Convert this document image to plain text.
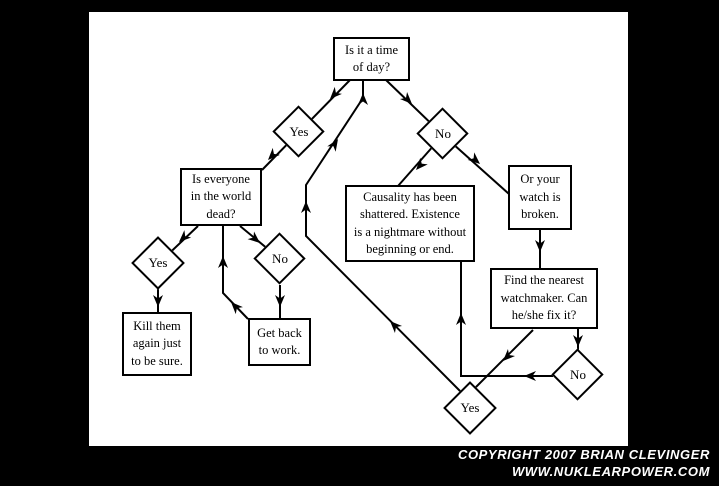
Is it a time
of day?
Is everyone
in the world
dead?
Kill them
again just
to be sure.
Get back
to work.
Causality has been
shattered. Existence
is a nightmare without
beginning or end.
Or your
watch is
broken.
Find the nearest
watchmaker. Can
he/she fix it?
Yes	No
Yes	No
No
Yes
COPYRIGHT 2007 BRIAN CLEVINGER
WWW.NUKLEARPOWER.COM
